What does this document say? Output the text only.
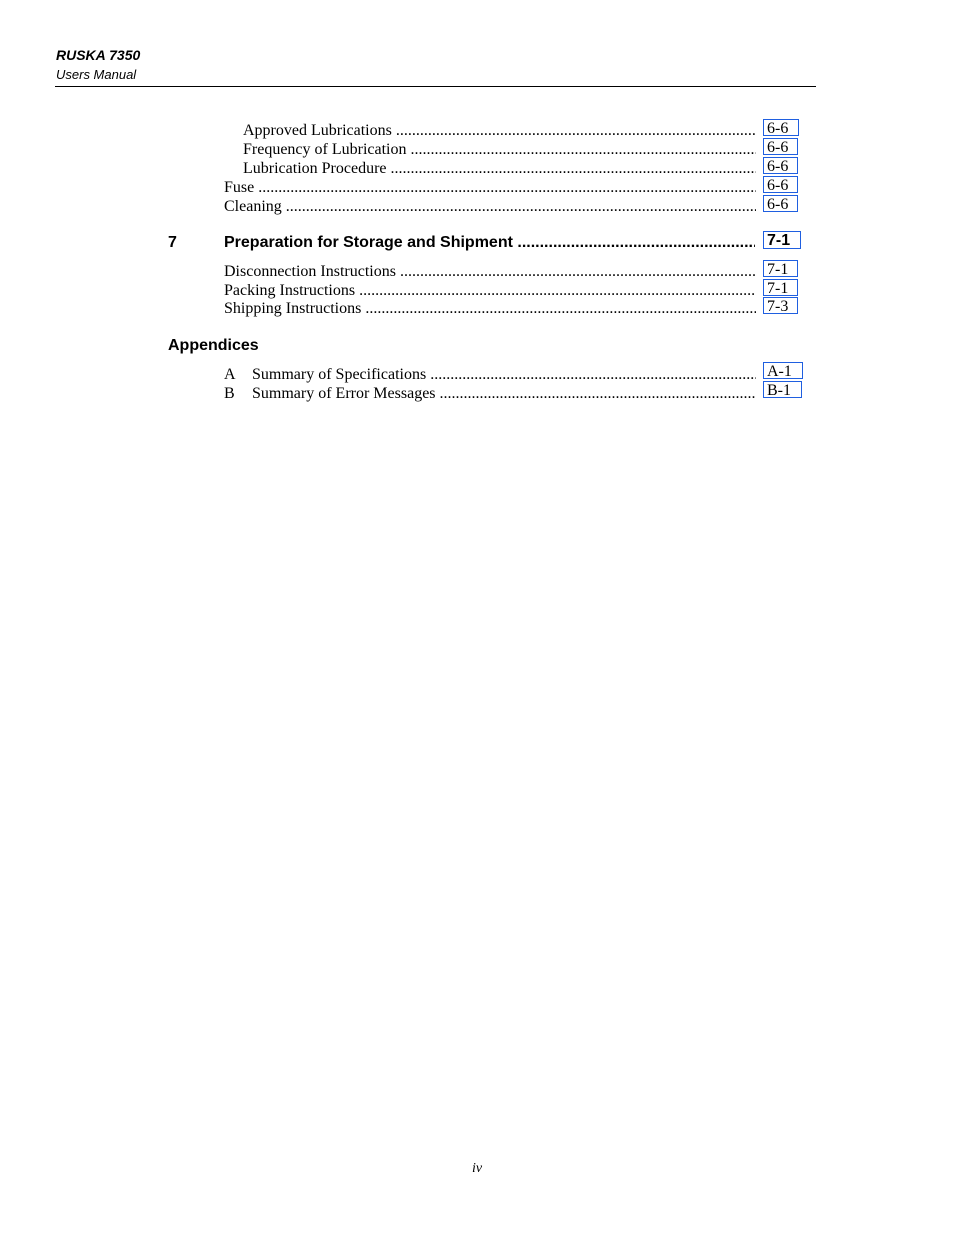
RUSKA 7350
Users Manual
Approved Lubrications .....	6-6
Frequency of Lubrication .....	6-6
Lubrication Procedure .....	6-6
Fuse .....	6-6
Cleaning .....	6-6
7	Preparation for Storage and Shipment .....	7-1
Disconnection Instructions .....	7-1
Packing Instructions .....	7-1
Shipping Instructions .....	7-3
Appendices
A Summary of Specifications .....	A-1
B Summary of Error Messages .....	B-1
iv
